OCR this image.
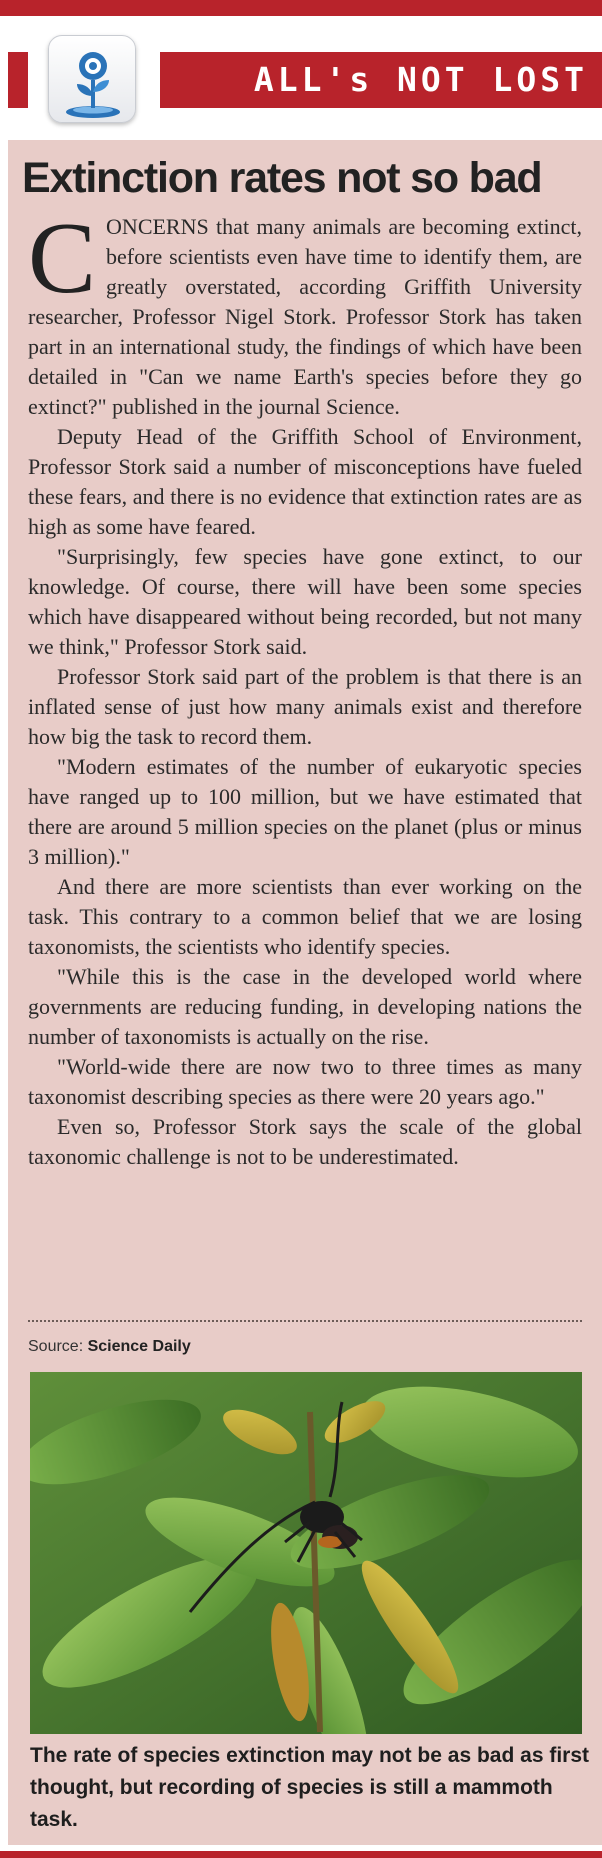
ALL's NOT LOST
Extinction rates not so bad

CONCERNS that many animals are becoming extinct, before scientists even have time to identify them, are greatly overstated, according Griffith University researcher, Professor Nigel Stork. Professor Stork has taken part in an international study, the findings of which have been detailed in "Can we name Earth's species before they go extinct?" published in the journal Science.

Deputy Head of the Griffith School of Environment, Professor Stork said a number of misconceptions have fueled these fears, and there is no evidence that extinction rates are as high as some have feared.

"Surprisingly, few species have gone extinct, to our knowledge. Of course, there will have been some species which have disappeared without being recorded, but not many we think," Professor Stork said.

Professor Stork said part of the problem is that there is an inflated sense of just how many animals exist and therefore how big the task to record them.

"Modern estimates of the number of eukaryotic species have ranged up to 100 million, but we have estimated that there are around 5 million species on the planet (plus or minus 3 million)."

And there are more scientists than ever working on the task. This contrary to a common belief that we are losing taxonomists, the scientists who identify species.

"While this is the case in the developed world where governments are reducing funding, in developing nations the number of taxonomists is actually on the rise.

"World-wide there are now two to three times as many taxonomist describing species as there were 20 years ago."

Even so, Professor Stork says the scale of the global taxonomic challenge is not to be underestimated.

Source: Science Daily

The rate of species extinction may not be as bad as first thought, but recording of species is still a mammoth task.
